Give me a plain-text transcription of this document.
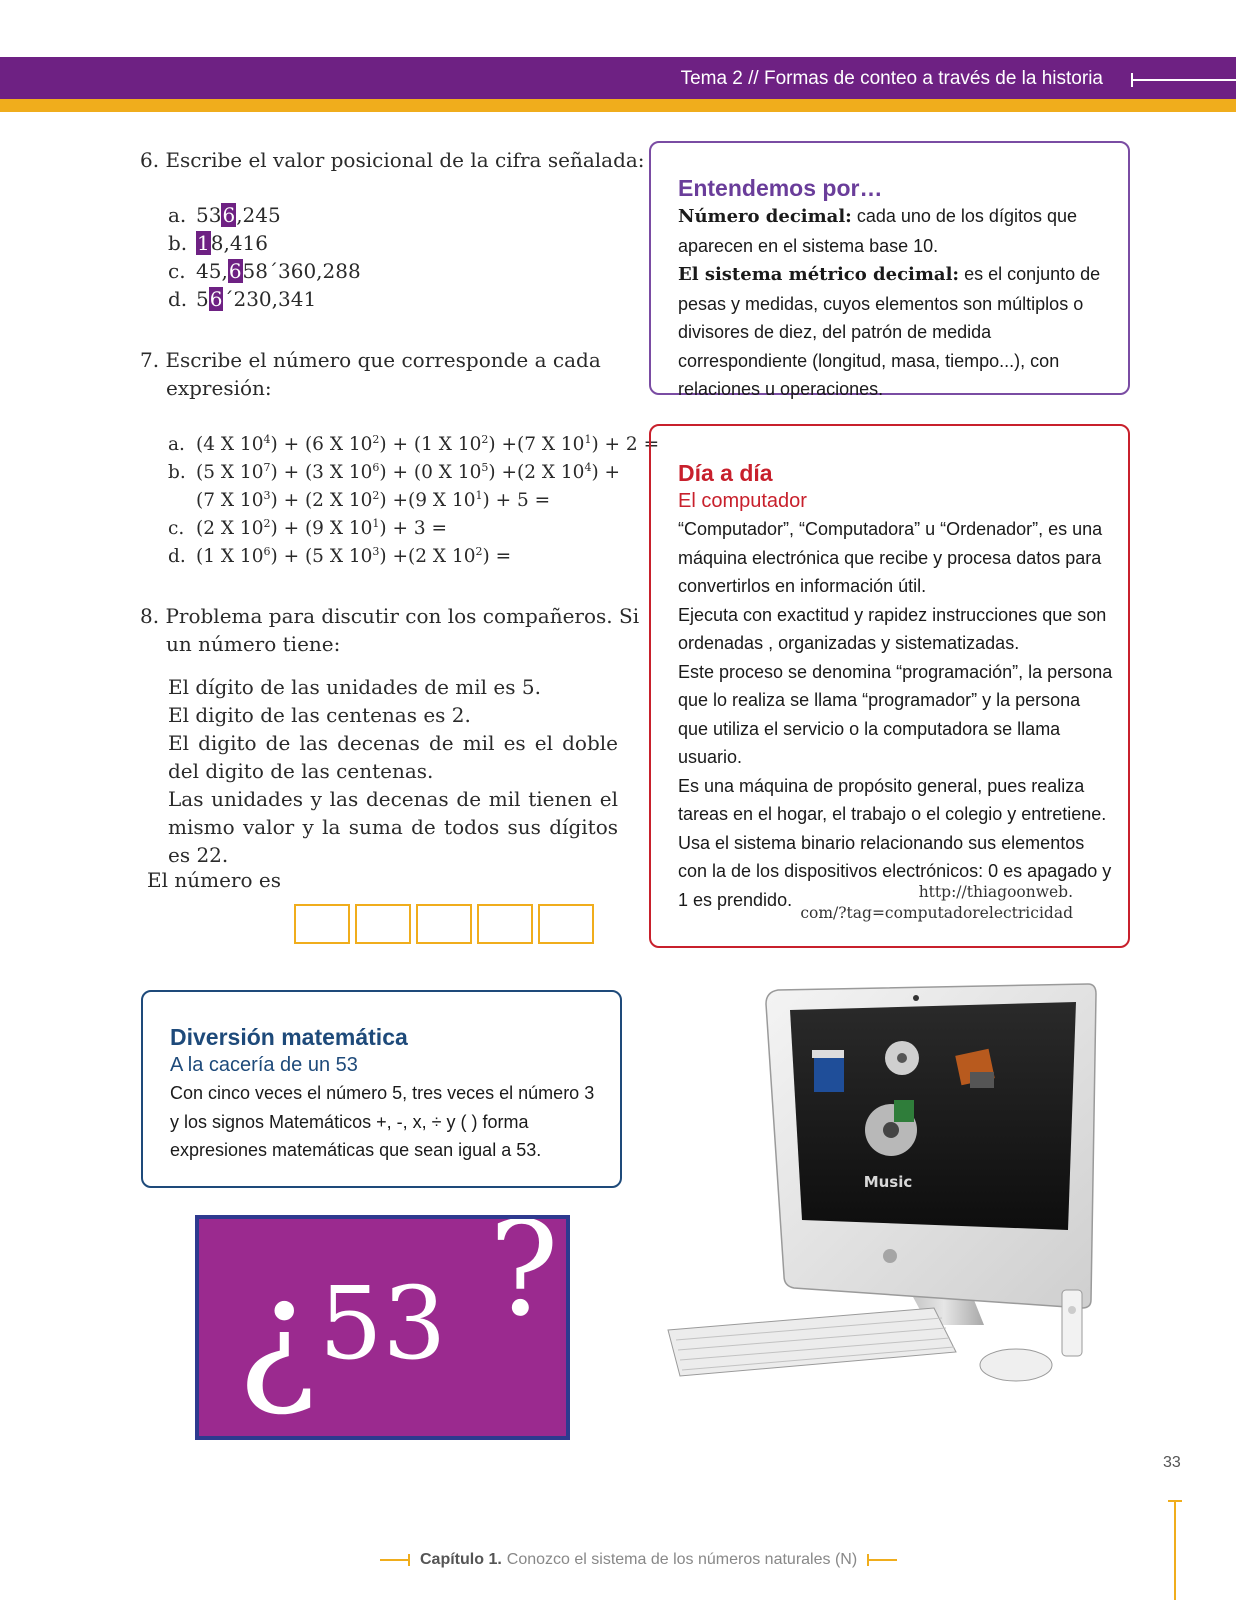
Tema 2 // Formas de conteo a través de la historia
6. Escribe el valor posicional de la cifra señalada:
a. 536,245
b. 18,416
c. 45,658´360,288
d. 56´230,341
7. Escribe el número que corresponde a cada
expresión:
a. (4 X $10^4) + (6$ X $10^2) + (1$ X $10^2) +(7$ X $10^1) + 2$ =
b. (5 X $10^7) + (3$ X $10^6) + (0$ X $10^5) +(2$ X $10^4$) +
(7 X $10^3) + (2$ X $10^2) +(9$ X $10^1) + 5$ =
c. (2 X $10^2) + (9$ X $10^1) + 3$ =
d. (1 X $10^6) + (5$ X $10^3) +(2$ X $10^2$) =
8. Problema para discutir con los compañeros. Si
un número tiene:
El dígito de las unidades de mil es 5.
El digito de las centenas es 2.
El digito de las decenas de mil es el doble del digito de las centenas.
Las unidades y las decenas de mil tienen el mismo valor y la suma de todos sus dígitos es 22.
El número es
Entendemos por…
Número decimal: cada uno de los dígitos que aparecen en el sistema base 10.
El sistema métrico decimal: es el conjunto de pesas y medidas, cuyos elementos son múltiplos o divisores de diez, del patrón de medida correspondiente (longitud, masa, tiempo...), con relaciones u operaciones.
Día a día
El computador
“Computador”, “Computadora” u “Ordenador”, es una máquina electrónica que recibe y procesa datos para convertirlos en información útil.
Ejecuta con exactitud y rapidez instrucciones que son ordenadas , organizadas y sistematizadas.
Este proceso se denomina “programación”, la persona que lo realiza se llama “programador” y la persona que utiliza el servicio o la computadora se llama usuario.
Es una máquina de propósito general, pues realiza tareas en el hogar, el trabajo o el colegio y entretiene.
Usa el sistema binario relacionando sus elementos con la de los dispositivos electrónicos: 0 es apagado y 1 es prendido.	http://thiagoonweb.
com/?tag=computadorelectricidad
Diversión matemática
A la cacería de un 53
Con cinco veces el número 5, tres veces el número 3 y los signos Matemáticos +, -, x, ÷ y ( ) forma expresiones matemáticas que sean igual a 53.
¿ 53 ?
Music
33
Capítulo 1. Conozco el sistema de los números naturales (N)
